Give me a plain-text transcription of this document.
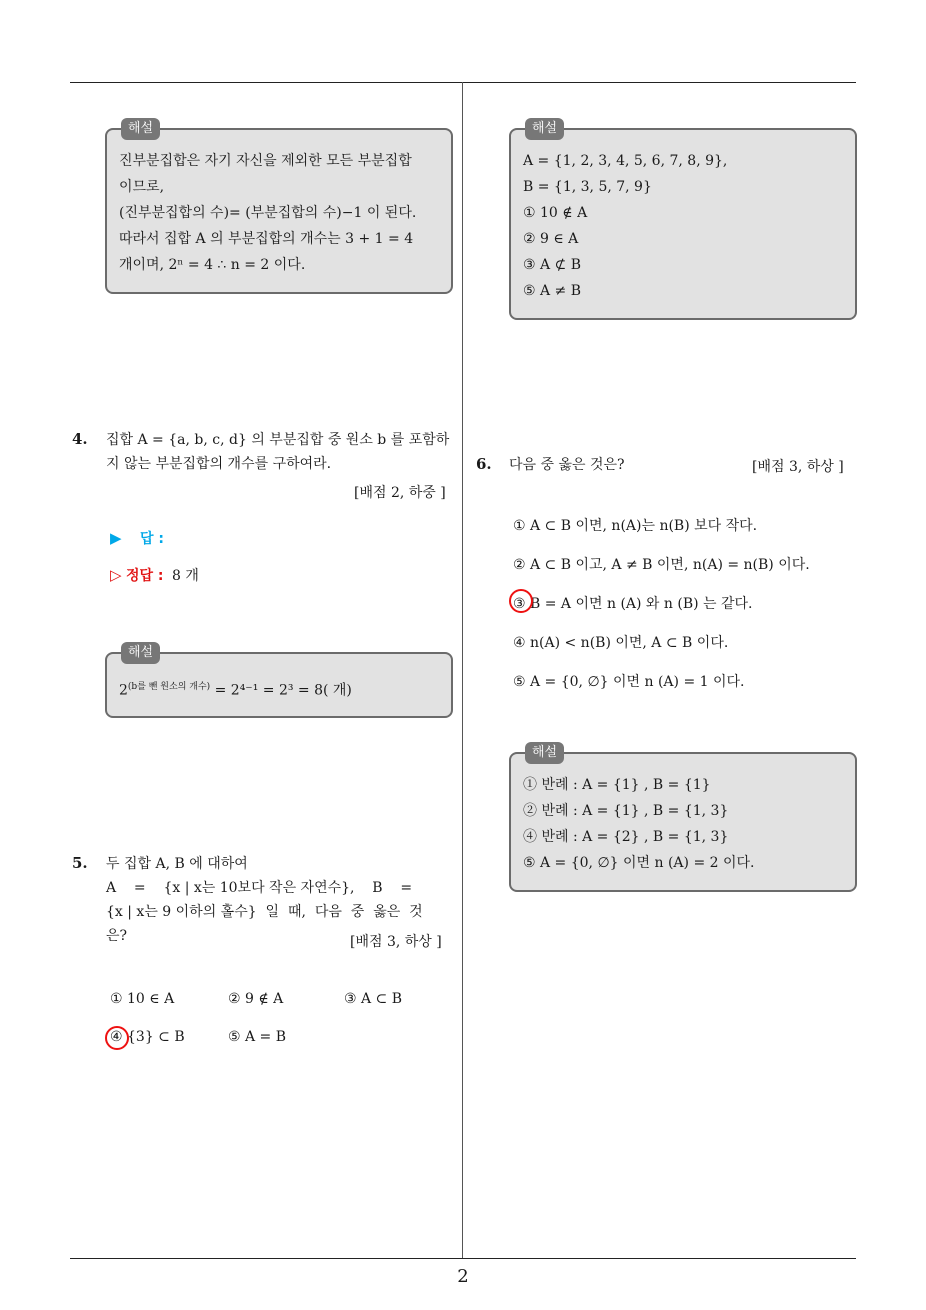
해설
진부분집합은 자기 자신을 제외한 모든 부분집합
이므로,
(진부분집합의 수)= (부분집합의 수)−1 이 된다.
따라서 집합 A 의 부분집합의 개수는 3 + 1 = 4
개이며, 2ⁿ = 4 ∴ n = 2 이다.
4. 집합 A = {a, b, c, d} 의 부분집합 중 원소 b 를 포함하
지 않는 부분집합의 개수를 구하여라.
[배점 2, 하중 ]
▶ 답 :
▷ 정답 : 8 개
해설
$2^{(b를 뺀 원소의 개수)} = 2^{4-1} = 2^3 = 8$( 개)
5. 두 집합 A, B 에 대하여
A    =    {x | x는 10보다 작은 자연수},    B    =
{x | x는 9 이하의 홀수}  일  때,  다음  중  옳은  것
은?	[배점 3, 하상 ]
① 10 ∈ A	② 9 ∉ A	③ A ⊂ B
④ {3} ⊂ B	⑤ A = B
해설
A = {1, 2, 3, 4, 5, 6, 7, 8, 9},
B = {1, 3, 5, 7, 9}
① 10 ∉ A
② 9 ∈ A
③ A ⊄ B
⑤ A ≠ B
6. 다음 중 옳은 것은?	[배점 3, 하상 ]
① A ⊂ B 이면, n(A)는 n(B) 보다 작다.
② A ⊂ B 이고, A ≠ B 이면, n(A) = n(B) 이다.
③ B = A 이면 n (A) 와 n (B) 는 같다.
④ n(A) < n(B) 이면, A ⊂ B 이다.
⑤ A = {0, ∅} 이면 n (A) = 1 이다.
해설
① 반례 : A = {1} , B = {1}
② 반례 : A = {1} , B = {1, 3}
④ 반례 : A = {2} , B = {1, 3}
⑤ A = {0, ∅} 이면 n (A) = 2 이다.
2
